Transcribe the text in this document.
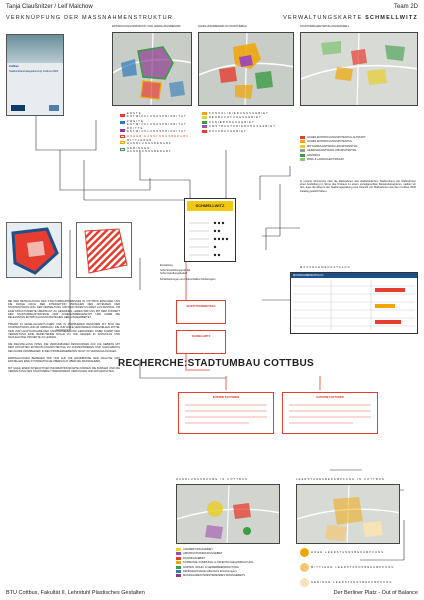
Tanja Claußnitzer / Leif Malchow	Team 2D
VERKNÜPFUNG DER MASSNAHMENSTRUKTUR	VERWALTUNGSKARTE SCHMELLWITZ
Cottbus
Stadtumbaustrategiekonzept Cottbus 2020
ENTWICKLUNGSPRIORITÄT UND HANDLUNGSBEDARF	HANDLUNGSBEDARF IM STADTUMBAU	STADTUMBAUENTWICKLUNGSMODELL
ERSTE ENTWICKLUNGSPRIORITÄT
ZWEITE ENTWICKLUNGSPRIORITÄT
DRITTE ENTWICKLUNGSPRIORITÄT
HOHER HANDLUNGSBEDARF
MITTLERER HANDLUNGSBEDARF
GERINGER HANDLUNGSBEDARF
KONSOLIDIERUNGSGEBIET
BEOBACHTUNGSGEBIET
SANIERUNGSGEBIET
UMSTRUKTURIERUNGSGEBIET
RÜCKBAUGEBIET
HOHES ENTWICKLUNGSPOTENTIAL ALTSTADT
HOHES ENTWICKLUNGSPOTENTIAL
MITTLERES ENTWICKLUNGSPOTENTIAL
GERINGES ENTWICKLUNGSPOTENTIAL
GRÜNZUG
PARK & LANDSCHAFTSRAUM
SCHMELLWITZ
Einstellung
hohe Entwicklungspriorität
hoher Handlungsbedarf
Förderleistungen und Nutzerhaftes Förderregeln
INVESTITIONSBETRAG
SCHMELLWITZ
In unserer Recherche über die Maßnahmen des städtebaulichen Stadtumbaus wie Maßnahmen einer Ausbildung im Sinne des Umbaus zu einem sozialgerechten Bestandsprogramm, stellten wir fest, dass die Akteure der Stadtumgestaltung eine Vielzahl von Maßnahmen aus dem Cottbus 2020 Katalog gewählt haben.
MASSNAHMENKATALOG
MASSNAHMENKATALOG

BEI DER BETRACHTUNG DES STADTUMBAUPROZESSES IN COTTBUS ERSCHIEN UNS DIE FRAGE NACH DER INTERAKTION ZWISCHEN DEN AKTEUREN DER STADTENTWICKLUNG, DER VERWALTUNG UND DER ÖFFENTLICHKEIT ALS ZENTRAL. UM EINE STRUKTURIERTE ÜBERSICHT ZU GEWINNEN, HABEN WIR UNS MIT DEM KONZEPT DER STADTUMBAUSTRATEGIE 2020 AUSEINANDERGESETZT UND DABEI DIE RELEVANTEN ENTWICKLUNGSSTRATEGIEN HERAUSGEARBEITET.

PRIMÄR IN GESELLSCHAFTLICHEN UND IN PERIPHEREN REGIONEN IST SICH DIE STADTENTWICKLUNG IM UMBRUCH. DIE ZUR HILFE GERUFENEN FINANZIELLEN MITTEL SIND ZUR HAUPTAUFGABE DER STADTERNEUERUNG GEWORDEN. DABEI KOMMT DER VERWALTUNG EINE BEDEUTENDE ROLLE ZU, DIE GELDER IN SINNVOLLE UND NACHHALTIGE PROJEKTE ZU LENKEN.

DIE ZIELSTELLUNG ISTES, DIE VERFÜGBAREN RESSOURCEN AUF DIE GEBIETE MIT DEM HÖCHSTEN ENTWICKLUNGSPOTENTIAL ZU KONZENTRIEREN UND GLEICHZEITIG DEN HANDLUNGSBEDARF IN DEN PROBLEMGEBIETEN NICHT ZU VERNACHLÄSSIGEN.

EMPFEHLUNGEN BEZIEHEN WIR UNS AUF DIE ERGEBNISSE DER ANALYSE UND ERSTELLEN EINE SYSTEMATISCHE ÜBERSICHT ÜBER DIE MASSNAHMEN.

MIT HILFE EINER INTERAKTIVEN INFORMATIONSKARTE KÖNNEN DIE BÜRGER UND DIE VERWALTUNG DEN STADTUMBAU TRANSPARENT VERFOLGEN UND MITGESTALTEN.

RECHERCHE:STADTUMBAU COTTBUS
INTERNE FAKTOREN	EXTERNE FAKTOREN
HANDLUNGSRÄUME IN COTTBUS	LEERSTANDSBEKÄMPFUNG IN COTTBUS
AUFWERTUNGSGEBIET
UMSTRUKTURIERUNGSGEBIET
RÜCKBAUGEBIET
KOMMUNAL KOMMUNAL & ÖFFENTLICHE EINRICHTUNG
GARTEN, WOHN- & GEWERBEEINRICHTUNG
DENKMALPFLEGE (öffentliche Einrichtungen)
MASSNAHMEN INVESTIERENDES WOHNGEBIETS
HOHE LEERSTANDSBEKÄMPFUNG
MITTLERE LEERSTANDSBEKÄMPFUNG
GERINGE LEERSTANDSBEKÄMPFUNG
BTU Cottbus, Fakultät II, Lehrstuhl Plastisches Gestalten	Der Berliner Platz - Out of Balance
